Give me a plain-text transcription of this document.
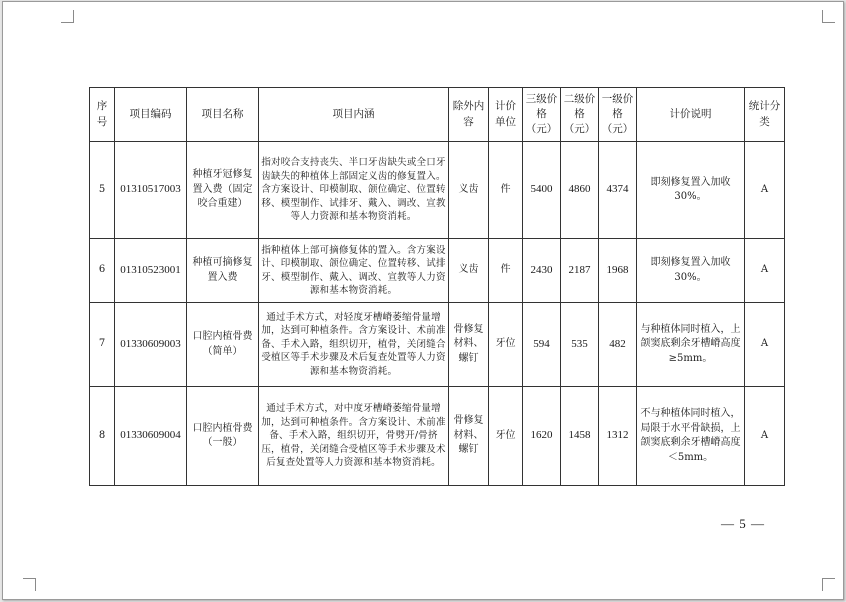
序号	项目编码	项目名称	项目内涵	除外内容	计价单位	三级价格（元）	二级价格（元）	一级价格（元）	计价说明	统计分类
5	01310517003	种植牙冠修复置入费（固定咬合重建）	指对咬合支持丧失、半口牙齿缺失或全口牙齿缺失的种植体上部固定义齿的修复置入。含方案设计、印模制取、颌位确定、位置转移、模型制作、试排牙、戴入、调改、宣教等人力资源和基本物资消耗。	义齿	件	5400	4860	4374	即刻修复置入加收30%。	A
6	01310523001	种植可摘修复置入费	指种植体上部可摘修复体的置入。含方案设计、印模制取、颌位确定、位置转移、试排牙、模型制作、戴入、调改、宣教等人力资源和基本物资消耗。	义齿	件	2430	2187	1968	即刻修复置入加收30%。	A
7	01330609003	口腔内植骨费（简单）	通过手术方式，对轻度牙槽嵴萎缩骨量增加，达到可种植条件。含方案设计、术前准备、手术入路，组织切开，植骨，关闭缝合受植区等手术步骤及术后复查处置等人力资源和基本物资消耗。	骨修复材料、螺钉	牙位	594	535	482	与种植体同时植入，上颌窦底剩余牙槽嵴高度≥5mm。	A
8	01330609004	口腔内植骨费（一般）	通过手术方式，对中度牙槽嵴萎缩骨量增加，达到可种植条件。含方案设计、术前准备、手术入路，组织切开，骨劈开/骨挤压，植骨，关闭缝合受植区等手术步骤及术后复查处置等人力资源和基本物资消耗。	骨修复材料、螺钉	牙位	1620	1458	1312	不与种植体同时植入，局限于水平骨缺损，上颌窦底剩余牙槽嵴高度＜5mm。	A
— 5 —
